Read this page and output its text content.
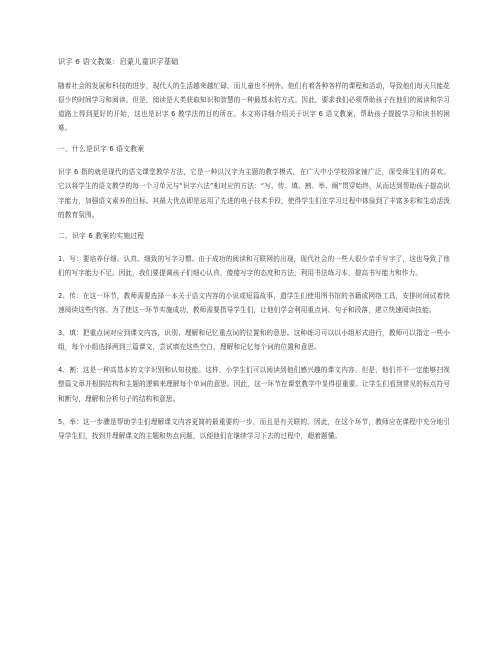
识字 6 语文教案：启蒙儿童识字基础

随着社会的发展和科技的进步，现代人的生活越来越忙碌，而儿童也不例外。他们有着各种各样的课程和活动，导致他们每天只能花很少的时间学习和阅读。但是，阅读是人类获取知识和智慧的一种最基本的方式。因此，要求我们必须帮助孩子在他们的阅读和学习道路上得到更好的开始，这也是识字 6 教学法的目的所在。本文将详细介绍关于识字 6 语文教案，帮助孩子提脱学习和读书的困难。

一、什么是识字 6 语文教案

识字 6 指的就是现代的语文课堂教学方法，它是一种以汉字为主题的教学模式，在广大中小学校园家铺广泛，深受师生们的喜欢。它以将学生的语文教学的每一个习单元与“识字六法”相对应的方法：“写、传、填、割、举、阐”贯穿始终，从而达到帮助孩子提高识字能力，加强语文素养的目标。其最大优点即是运用了先进的电子技术手段，使得学生们在学习过程中体验到了丰富多彩和生动活泼的教育氛围。

二、识字 6 教案的实施过程

1、写：要培养仔细、认真、细致的写字习惯。由于成功的阅读和互联网的出现，现代社会的一些人很少亲手写字了，这也导致了他们的写字能力不足。因此，我们要提调孩子们细心认真，傻傻写字的态度和方法，利用书法练习本，提高书写能力和作力。

2、传：在这一环节，教师需要选择一本关于语文内容的小说或短篇故事，遗学生们使用图书馆的书籍或网络工具，安排时间试着快速阅读这些内容。为了使这一环节实施成功，教师需要指导学生们，让他们学会利用重点词、句子和段落，建立快速阅读技能。

3、填：把重点词对应到课文内容，识别、理解和记忆重点词的位置和的意思。这种练习可以以小组形式进行，教师可以指定一些小组，每个小组选择两到三篇课文，尝试填充这些空白，理解和记忆每个词的位置和意思。

4、割：这是一种高基本的文字识别和认知技能。这样，小学生们可以阅读到他们感兴趣的课文内容，但是，他们并不一定能够扫视整篇文章并根据结构和主题的逻辑来理解每个单词的意思。因此，这一环节在课堂教学中显得很重要。让学生们看到常见的标点符号和断句，理解和分析句子的结构和意思。

5、举：这一步骤是帮助学生们理解课文内容更简的最重要的一步，而且是有关联的。因此，在这个环节，教师应在课程中充分地引导学生们，找到并理解课文的主题和热点问题，以便他们在继续学习下去的过程中，超着题懂。
